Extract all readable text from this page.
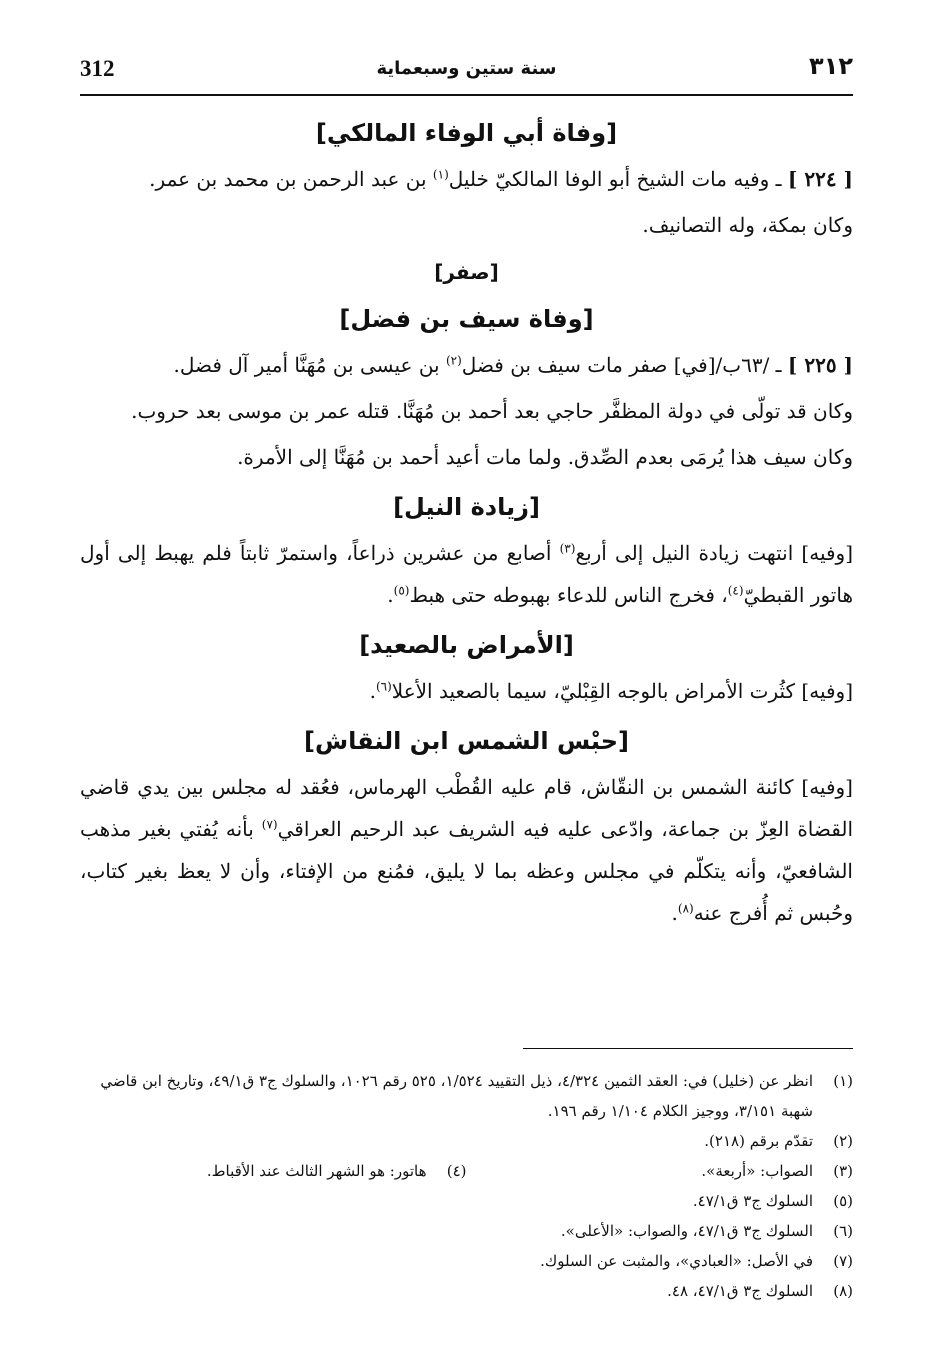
312	سنة ستين وسبعماية	٣١٢
[وفاة أبي الوفاء المالكي]

[ ٢٢٤ ] ـ وفيه مات الشيخ أبو الوفا المالكيّ خليل$^{(١)}$ بن عبد الرحمن بن محمد بن عمر.

وكان بمكة، وله التصانيف.

[صفر]
[وفاة سيف بن فضل]

[ ٢٢٥ ] ـ /٦٣ب/[في] صفر مات سيف بن فضل$^{(٢)}$ بن عيسى بن مُهَنَّا أمير آل فضل.

وكان قد تولّى في دولة المظفَّر حاجي بعد أحمد بن مُهَنَّا. قتله عمر بن موسى بعد حروب.

وكان سيف هذا يُرمَى بعدم الصِّدق. ولما مات أعيد أحمد بن مُهَنَّا إلى الأمرة.

[زيادة النيل]

[وفيه] انتهت زيادة النيل إلى أربع$^{(٣)}$ أصابع من عشرين ذراعاً، واستمرّ ثابتاً فلم يهبط إلى أول هاتور القبطيّ$^{(٤)}$، فخرج الناس للدعاء بهبوطه حتى هبط$^{(٥)}$.

[الأمراض بالصعيد]

[وفيه] كثُرت الأمراض بالوجه القِبْليّ، سيما بالصعيد الأعلا$^{(٦)}$.

[حبْس الشمس ابن النقاش]

[وفيه] كائنة الشمس بن النقّاش، قام عليه القُطْب الهرماس، فعُقد له مجلس بين يدي قاضي القضاة العِزّ بن جماعة، وادّعى عليه فيه الشريف عبد الرحيم العراقي$^{(٧)}$ بأنه يُفتي بغير مذهب الشافعيّ، وأنه يتكلّم في مجلس وعظه بما لا يليق، فمُنع من الإفتاء، وأن لا يعظ بغير كتاب، وحُبس ثم أُفرج عنه$^{(٨)}$.

(١)
انظر عن (خليل) في: العقد الثمين ٤/٣٢٤، ذيل التقييد ١/٥٢٤، ٥٢٥ رقم ١٠٢٦، والسلوك ج٣ ق٤٩/١، وتاريخ ابن قاضي شهبة ٣/١٥١، ووجيز الكلام ١/١٠٤ رقم ١٩٦.
(٢)
تقدّم برقم (٢١٨).
(٣)
الصواب: «أربعة».
(٤)
هاتور: هو الشهر الثالث عند الأقباط.
(٥)
السلوك ج٣ ق٤٧/١.
(٦)
السلوك ج٣ ق٤٧/١، والصواب: «الأعلى».
(٧)
في الأصل: «العبادي»، والمثبت عن السلوك.
(٨)
السلوك ج٣ ق٤٧/١، ٤٨.
